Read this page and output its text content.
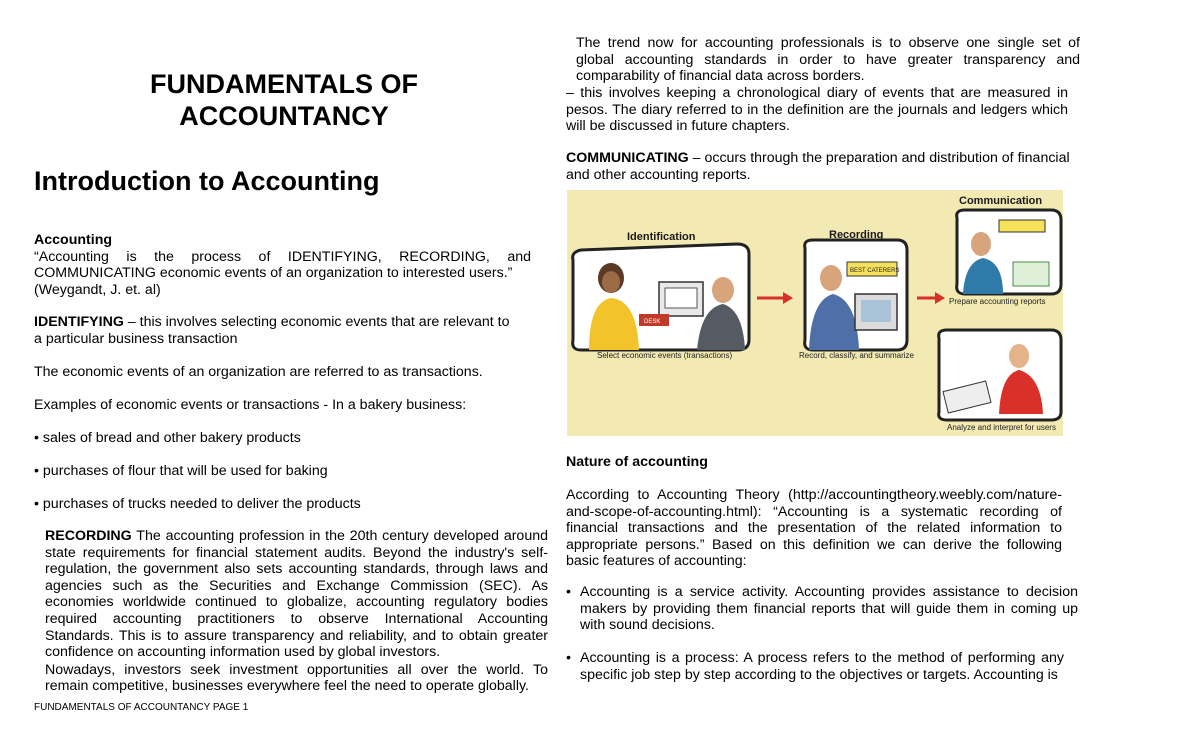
FUNDAMENTALS OF
ACCOUNTANCY
Introduction to Accounting

Accounting

“Accounting is the process of IDENTIFYING, RECORDING, and

COMMUNICATING economic events of an organization to interested users.”

(Weygandt, J. et. al)

IDENTIFYING – this involves selecting economic events that are relevant to

a particular business transaction

The economic events of an organization are referred to as transactions.

Examples of economic events or transactions - In a bakery business:

• sales of bread and other bakery products

• purchases of flour that will be used for baking

• purchases of trucks needed to deliver the products

RECORDING The accounting profession in the 20th century developed around state requirements for financial statement audits. Beyond the industry's self-regulation, the government also sets accounting standards, through laws and agencies such as the Securities and Exchange Commission (SEC). As economies worldwide continued to globalize, accounting regulatory bodies required accounting practitioners to observe International Accounting Standards. This is to assure transparency and reliability, and to obtain greater confidence on accounting information used by global investors.

Nowadays, investors seek investment opportunities all over the world. To remain competitive, businesses everywhere feel the need to operate globally.

FUNDAMENTALS OF ACCOUNTANCY PAGE 1

The trend now for accounting professionals is to observe one single set of global accounting standards in order to have greater transparency and comparability of financial data across borders.

– this involves keeping a chronological diary of events that are measured in pesos. The diary referred to in the definition are the journals and ledgers which will be discussed in future chapters.

COMMUNICATING – occurs through the preparation and distribution of financial and other accounting reports.

Identification
DESK
Select economic events (transactions)
Recording
BEST CATERERS
Record, classify, and summarize
Communication
Prepare accounting reports
Analyze and interpret for users

Nature of accounting

According to Accounting Theory (http://accountingtheory.weebly.com/nature-and-scope-of-accounting.html): “Accounting is a systematic recording of financial transactions and the presentation of the related information to appropriate persons.” Based on this definition we can derive the following basic features of accounting:

• Accounting is a service activity. Accounting provides assistance to decision makers by providing them financial reports that will guide them in coming up with sound decisions.

• Accounting is a process: A process refers to the method of performing any specific job step by step according to the objectives or targets. Accounting is
